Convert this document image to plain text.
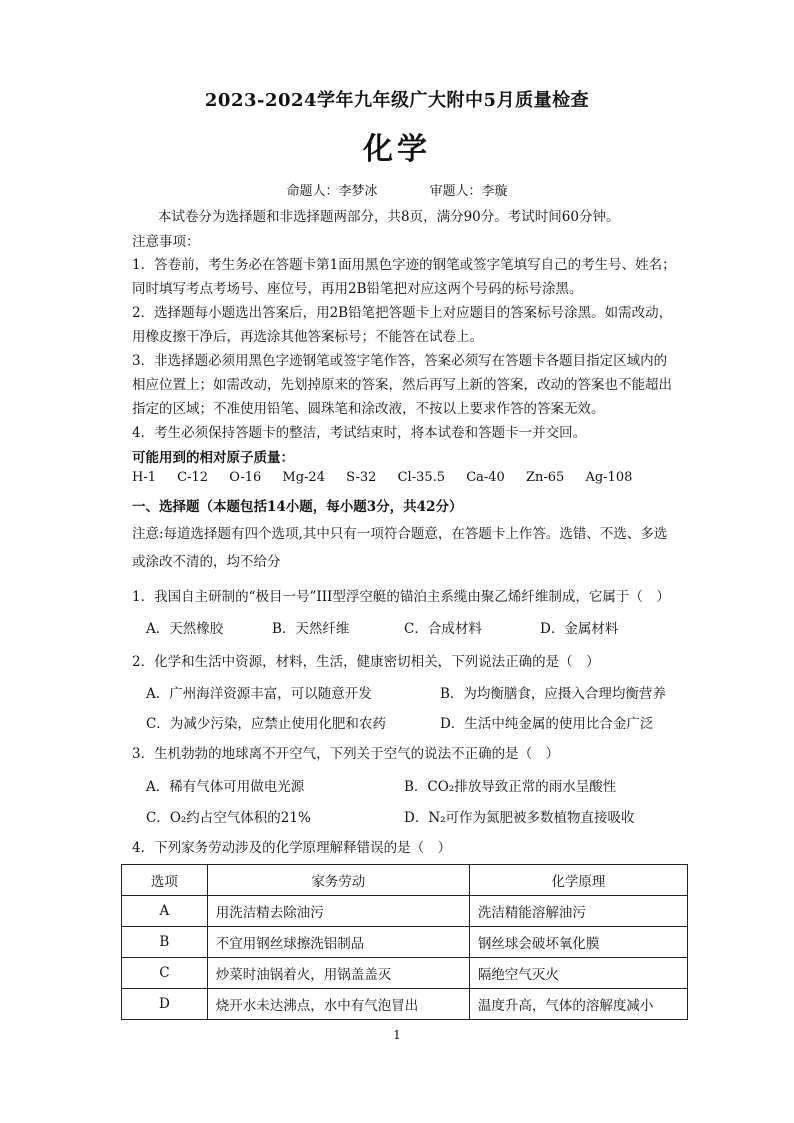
2023-2024学年九年级广大附中5月质量检查
化学
命题人：李梦冰	审题人：李璇
本试卷分为选择题和非选择题两部分，共8页，满分90分。考试时间60分钟。
注意事项：
1．答卷前，考生务必在答题卡第1面用黑色字迹的钢笔或签字笔填写自己的考生号、姓名；
同时填写考点考场号、座位号，再用2B铅笔把对应这两个号码的标号涂黑。
2．选择题每小题选出答案后，用2B铅笔把答题卡上对应题目的答案标号涂黑。如需改动，
用橡皮擦干净后，再选涂其他答案标号；不能答在试卷上。
3．非选择题必须用黑色字迹钢笔或签字笔作答，答案必须写在答题卡各题目指定区域内的
相应位置上；如需改动，先划掉原来的答案，然后再写上新的答案，改动的答案也不能超出
指定的区域；不准使用铅笔、圆珠笔和涂改液，不按以上要求作答的答案无效。
4．考生必须保持答题卡的整洁，考试结束时，将本试卷和答题卡一并交回。
可能用到的相对原子质量：
H-1 C-12 O-16 Mg-24 S-32 Cl-35.5 Ca-40 Zn-65 Ag-108
一、选择题（本题包括14小题，每小题3分，共42分）
注意:每道选择题有四个选项,其中只有一项符合题意，在答题卡上作答。选错、不选、多选
或涂改不清的，均不给分
1．我国自主研制的“极目一号”III型浮空艇的锚泊主系缆由聚乙烯纤维制成，它属于（　）
A．天然橡胶	B．天然纤维	C．合成材料	D．金属材料
2．化学和生活中资源，材料，生活，健康密切相关，下列说法正确的是（　）
A．广州海洋资源丰富，可以随意开发	B．为均衡膳食，应摄入合理均衡营养
C．为减少污染，应禁止使用化肥和农药	D．生活中纯金属的使用比合金广泛
3．生机勃勃的地球离不开空气，下列关于空气的说法不正确的是（　）
A．稀有气体可用做电光源	B．CO₂排放导致正常的雨水呈酸性
C．O₂约占空气体积的21%	D．N₂可作为氮肥被多数植物直接吸收
4．下列家务劳动涉及的化学原理解释错误的是（　）
选项	家务劳动	化学原理
A	用洗洁精去除油污	洗洁精能溶解油污
B	不宜用钢丝球擦洗铝制品	钢丝球会破坏氧化膜
C	炒菜时油锅着火，用锅盖盖灭	隔绝空气灭火
D	烧开水未达沸点，水中有气泡冒出	温度升高，气体的溶解度减小
1
